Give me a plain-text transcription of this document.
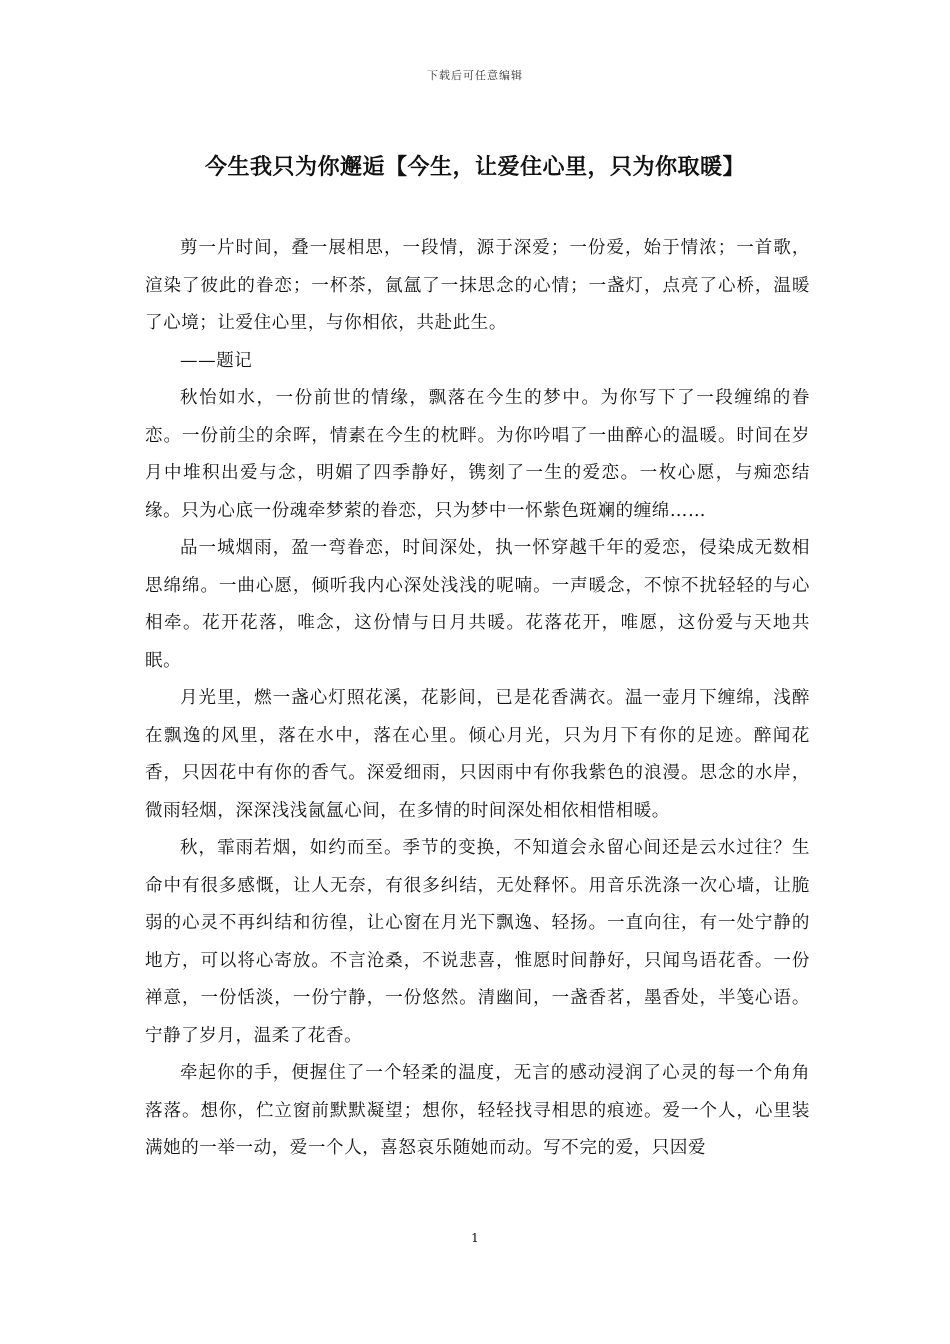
下载后可任意编辑
今生我只为你邂逅【今生，让爱住心里，只为你取暖】

剪一片时间，叠一展相思，一段情，源于深爱；一份爱，始于情浓；一首歌，渲染了彼此的眷恋；一杯茶，氤氲了一抹思念的心情；一盏灯，点亮了心桥，温暖了心境；让爱住心里，与你相依，共赴此生。

——题记

秋怡如水，一份前世的情缘，飘落在今生的梦中。为你写下了一段缠绵的眷恋。一份前尘的余晖，情素在今生的枕畔。为你吟唱了一曲醉心的温暖。时间在岁月中堆积出爱与念，明媚了四季静好，镌刻了一生的爱恋。一枚心愿，与痴恋结缘。只为心底一份魂牵梦萦的眷恋，只为梦中一怀紫色斑斓的缠绵……

品一城烟雨，盈一弯眷恋，时间深处，执一怀穿越千年的爱恋，侵染成无数相思绵绵。一曲心愿，倾听我内心深处浅浅的呢喃。一声暖念，不惊不扰轻轻的与心相牵。花开花落，唯念，这份情与日月共暖。花落花开，唯愿，这份爱与天地共眠。

月光里，燃一盏心灯照花溪，花影间，已是花香满衣。温一壶月下缠绵，浅醉在飘逸的风里，落在水中，落在心里。倾心月光，只为月下有你的足迹。醉闻花香，只因花中有你的香气。深爱细雨，只因雨中有你我紫色的浪漫。思念的水岸，微雨轻烟，深深浅浅氤氲心间，在多情的时间深处相依相惜相暖。

秋，霏雨若烟，如约而至。季节的变换，不知道会永留心间还是云水过往？生命中有很多感慨，让人无奈，有很多纠结，无处释怀。用音乐洗涤一次心墙，让脆弱的心灵不再纠结和彷徨，让心窗在月光下飘逸、轻扬。一直向往，有一处宁静的地方，可以将心寄放。不言沧桑，不说悲喜，惟愿时间静好，只闻鸟语花香。一份禅意，一份恬淡，一份宁静，一份悠然。清幽间，一盏香茗，墨香处，半笺心语。宁静了岁月，温柔了花香。

牵起你的手，便握住了一个轻柔的温度，无言的感动浸润了心灵的每一个角角落落。想你，伫立窗前默默凝望；想你，轻轻找寻相思的痕迹。爱一个人，心里装满她的一举一动，爱一个人，喜怒哀乐随她而动。写不完的爱，只因爱

1
